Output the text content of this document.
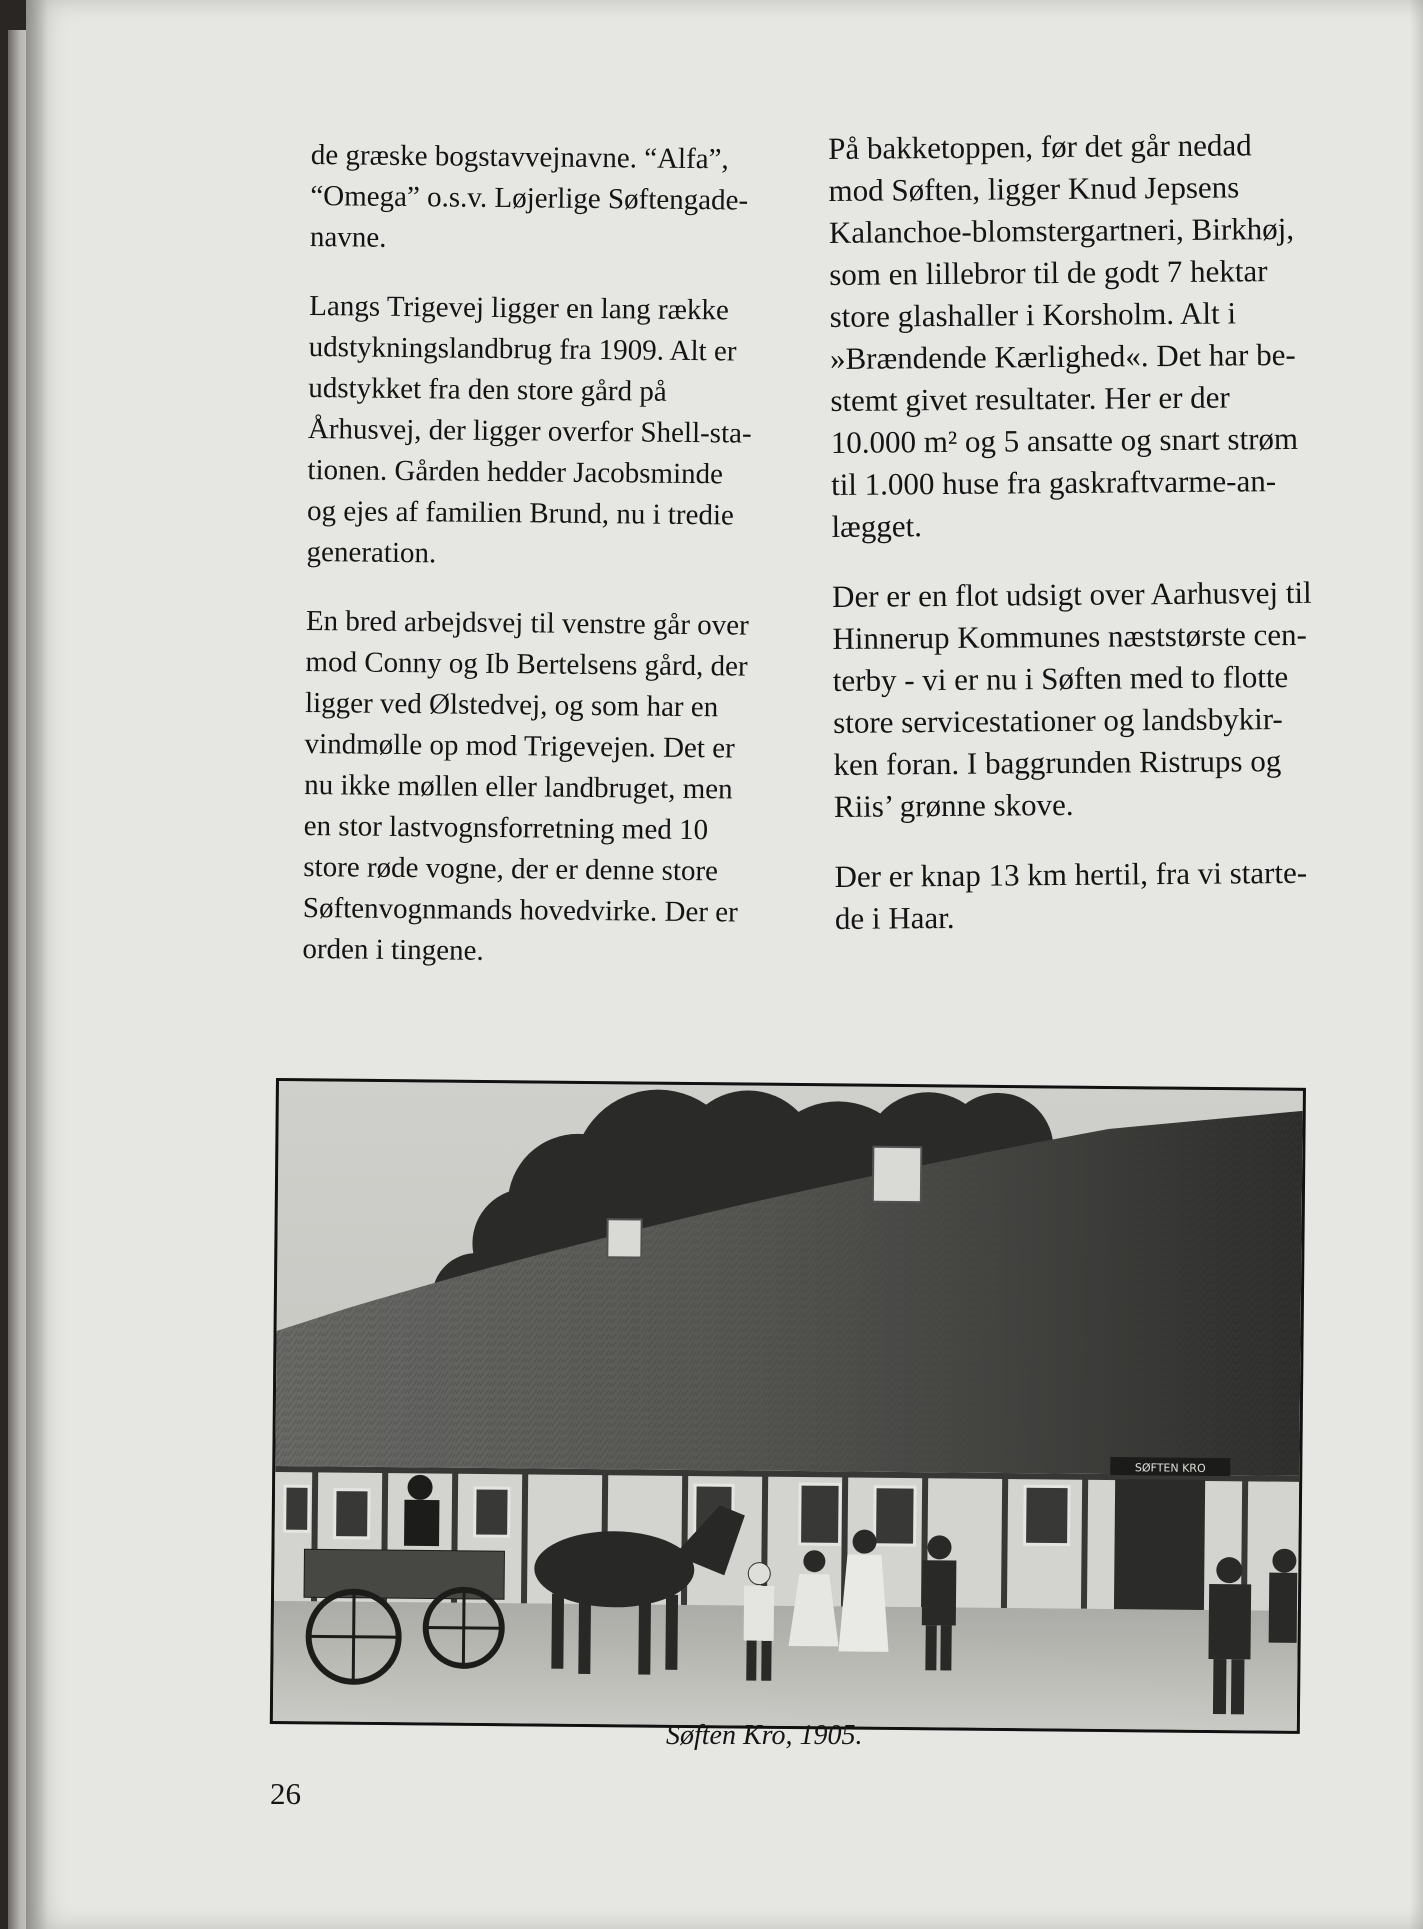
de græske bogstavvejnavne. “Alfa”,
“Omega” o.s.v. Løjerlige Søftengade-
navne.

Langs Trigevej ligger en lang række
udstykningslandbrug fra 1909. Alt er
udstykket fra den store gård på
Århusvej, der ligger overfor Shell-sta-
tionen. Gården hedder Jacobsminde
og ejes af familien Brund, nu i tredie
generation.

En bred arbejdsvej til venstre går over
mod Conny og Ib Bertelsens gård, der
ligger ved Ølstedvej, og som har en
vindmølle op mod Trigevejen. Det er
nu ikke møllen eller landbruget, men
en stor lastvognsforretning med 10
store røde vogne, der er denne store
Søftenvognmands hovedvirke. Der er
orden i tingene.

På bakketoppen, før det går nedad
mod Søften, ligger Knud Jepsens
Kalanchoe-blomstergartneri, Birkhøj,
som en lillebror til de godt 7 hektar
store glashaller i Korsholm. Alt i
»Brændende Kærlighed«. Det har be-
stemt givet resultater. Her er der
10.000 m² og 5 ansatte og snart strøm
til 1.000 huse fra gaskraftvarme-an-
lægget.

Der er en flot udsigt over Aarhusvej til
Hinnerup Kommunes næststørste cen-
terby - vi er nu i Søften med to flotte
store servicestationer og landsbykir-
ken foran. I baggrunden Ristrups og
Riis’ grønne skove.

Der er knap 13 km hertil, fra vi starte-
de i Haar.

SØFTEN KRO
Søften Kro, 1905.
26
